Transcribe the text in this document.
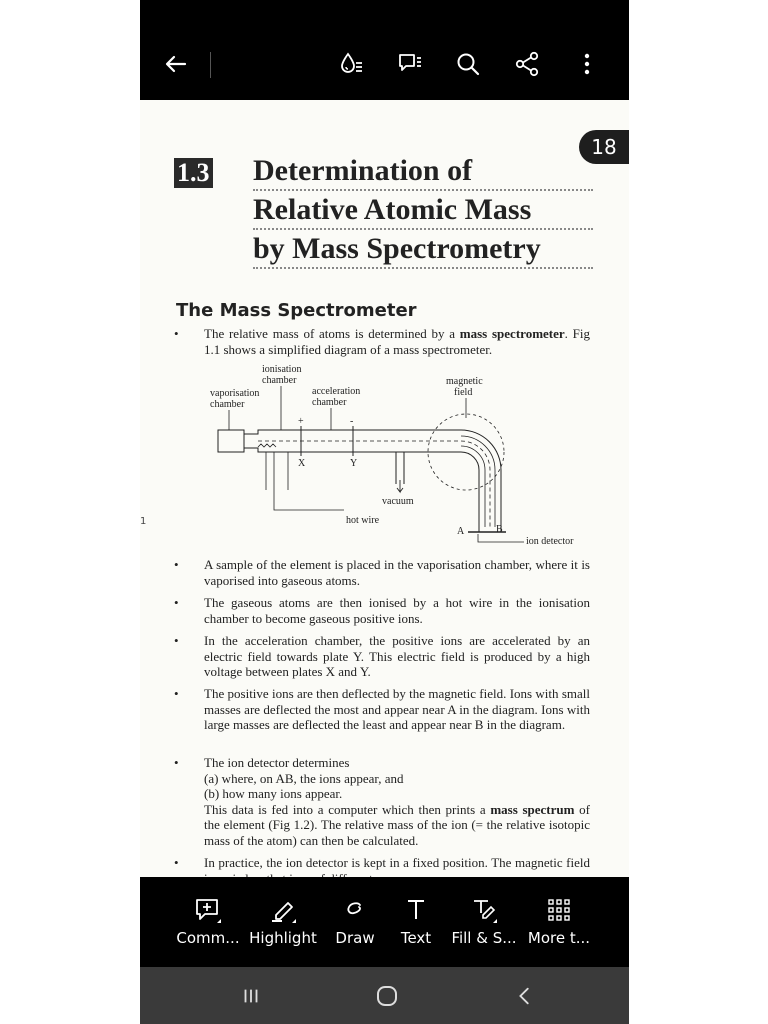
18
1.3 Determination of
Relative Atomic Mass
by Mass Spectrometry
The Mass Spectrometer
• The relative mass of atoms is determined by a mass spectrometer. Fig 1.1 shows a simplified diagram of a mass spectrometer.
ionisation
chamber
vaporisation
chamber
acceleration
chamber
magnetic
field
+	-
X	Y
vacuum
hot wire
A	B
ion detector
1
• A sample of the element is placed in the vaporisation chamber, where it is vaporised into gaseous atoms.
• The gaseous atoms are then ionised by a hot wire in the ionisation chamber to become gaseous positive ions.
• In the acceleration chamber, the positive ions are accelerated by an electric field towards plate Y. This electric field is produced by a high voltage between plates X and Y.
• The positive ions are then deflected by the magnetic field. Ions with small masses are deflected the most and appear near A in the diagram. Ions with large masses are deflected the least and appear near B in the diagram.
• The ion detector determines
(a) where, on AB, the ions appear, and
(b) how many ions appear.
This data is fed into a computer which then prints a mass spectrum of the element (Fig 1.2). The relative mass of the ion (= the relative isotopic mass of the atom) can then be calculated.
• In practice, the ion detector is kept in a fixed position. The magnetic field
Comm... Highlight	Draw	Text	Fill & S... More t...
